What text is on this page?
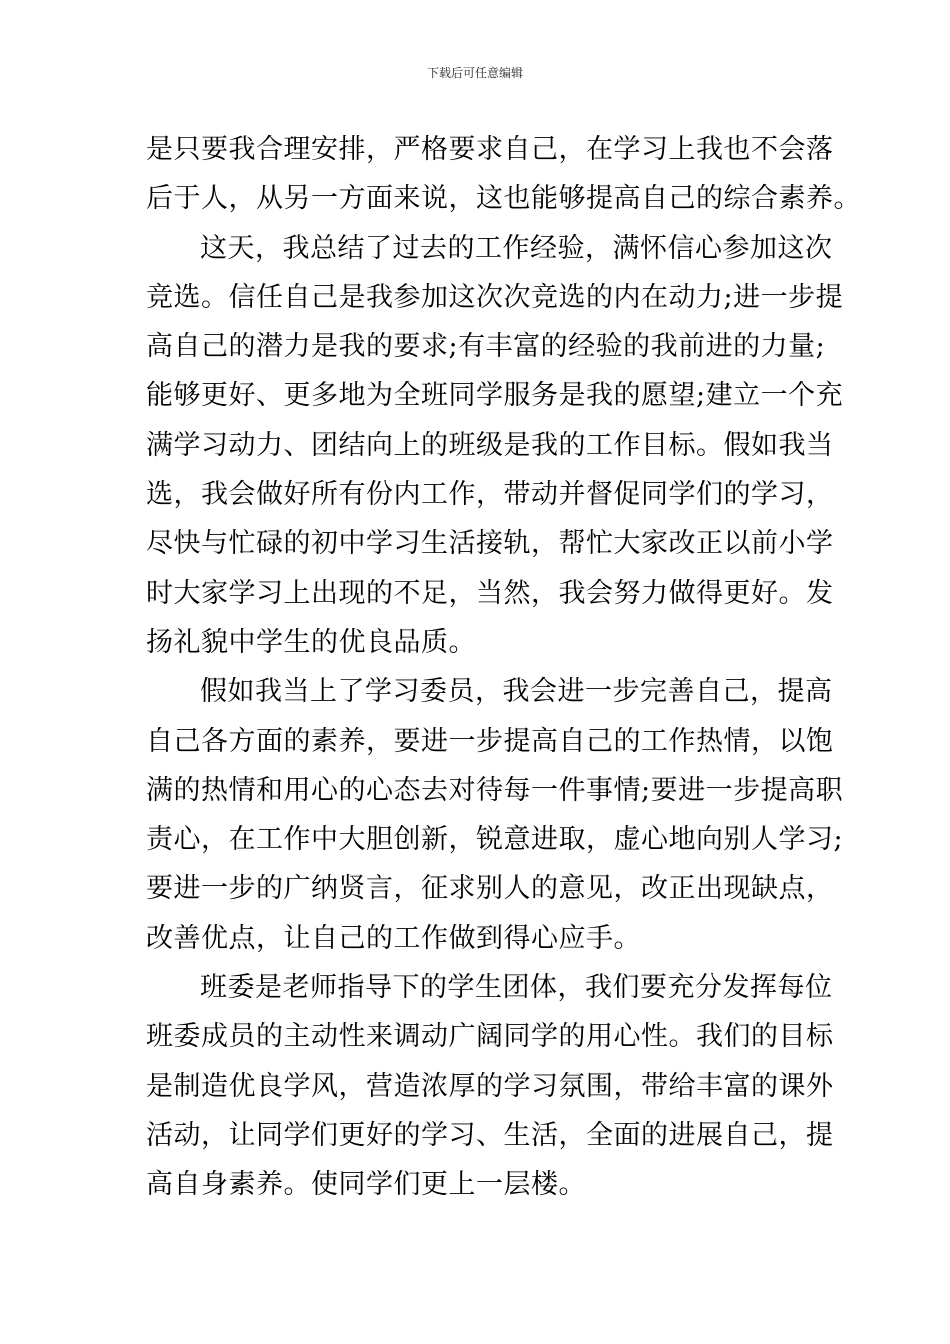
下载后可任意编辑
是只要我合理安排，严格要求自己，在学习上我也不会落
后于人，从另一方面来说，这也能够提高自己的综合素养。
这天，我总结了过去的工作经验，满怀信心参加这次
竞选。信任自己是我参加这次次竞选的内在动力;进一步提
高自己的潜力是我的要求;有丰富的经验的我前进的力量;
能够更好、更多地为全班同学服务是我的愿望;建立一个充
满学习动力、团结向上的班级是我的工作目标。假如我当
选，我会做好所有份内工作，带动并督促同学们的学习，
尽快与忙碌的初中学习生活接轨，帮忙大家改正以前小学
时大家学习上出现的不足，当然，我会努力做得更好。发
扬礼貌中学生的优良品质。
假如我当上了学习委员，我会进一步完善自己，提高
自己各方面的素养，要进一步提高自己的工作热情，以饱
满的热情和用心的心态去对待每一件事情;要进一步提高职
责心，在工作中大胆创新，锐意进取，虚心地向别人学习;
要进一步的广纳贤言，征求别人的意见，改正出现缺点，
改善优点，让自己的工作做到得心应手。
班委是老师指导下的学生团体，我们要充分发挥每位
班委成员的主动性来调动广阔同学的用心性。我们的目标
是制造优良学风，营造浓厚的学习氛围，带给丰富的课外
活动，让同学们更好的学习、生活，全面的进展自己，提
高自身素养。使同学们更上一层楼。
